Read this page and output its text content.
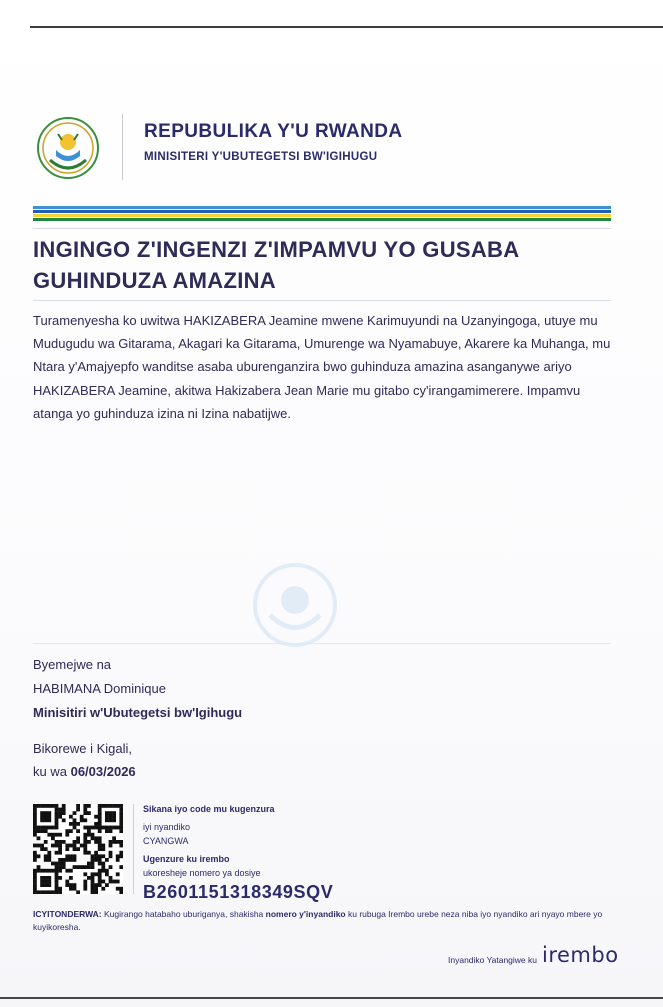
REPUBULIKA Y'U RWANDA
MINISITERI Y'UBUTEGETSI BW'IGIHUGU
INGINGO Z'INGENZI Z'IMPAMVU YO GUSABA GUHINDUZA AMAZINA
Turamenyesha ko uwitwa HAKIZABERA Jeamine mwene Karimuyundi na Uzanyingoga, utuye mu Mudugudu wa Gitarama, Akagari ka Gitarama, Umurenge wa Nyamabuye, Akarere ka Muhanga, mu Ntara y'Amajyepfo wanditse asaba uburenganzira bwo guhinduza amazina asanganywe ariyo HAKIZABERA Jeamine, akitwa Hakizabera Jean Marie mu gitabo cy'irangamimerere. Impamvu atanga yo guhinduza izina ni Izina nabatijwe.
Byemejwe na
HABIMANA Dominique
Minisitiri w'Ubutegetsi bw'Igihugu
Bikorewe i Kigali,
ku wa 06/03/2026
Sikana iyo code mu kugenzura
iyi nyandiko
CYANGWA
Ugenzure ku irembo
ukoresheje nomero ya dosiye
B2601151318349SQV
ICYITONDERWA: Kugirango hatabaho uburiganya, shakisha nomero y'inyandiko ku rubuga Irembo urebe neza niba iyo nyandiko ari nyayo mbere yo kuyikoresha.
Inyandiko Yatangiwe ku irembo
